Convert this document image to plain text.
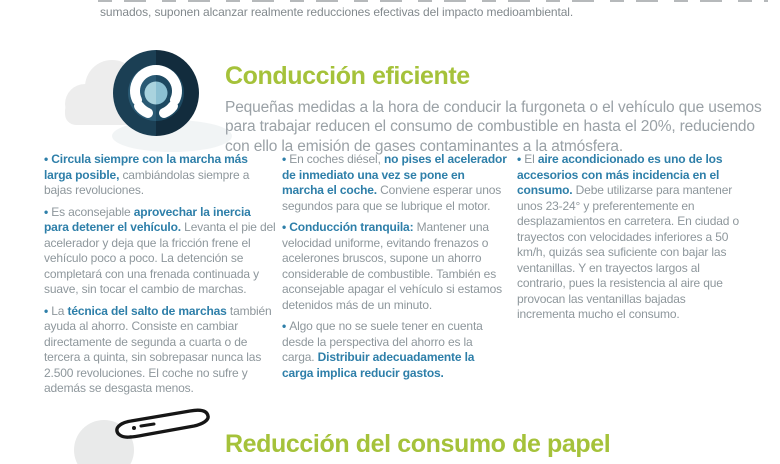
sumados, suponen alcanzar realmente reducciones efectivas del impacto medioambiental.
Conducción eficiente

Pequeñas medidas a la hora de conducir la furgoneta o el vehículo que usemos para trabajar reducen el consumo de combustible en hasta el 20%, reduciendo con ello la emisión de gases contaminantes a la atmósfera.

• Circula siempre con la marcha más larga posible, cambiándolas siempre a bajas revoluciones.

• Es aconsejable aprovechar la inercia para detener el vehículo. Levanta el pie del acelerador y deja que la fricción frene el vehículo poco a poco. La detención se completará con una frenada continuada y suave, sin tocar el cambio de marchas.

• La técnica del salto de marchas también ayuda al ahorro. Consiste en cambiar directamente de segunda a cuarta o de tercera a quinta, sin sobrepasar nunca las 2.500 revoluciones. El coche no sufre y además se desgasta menos.

• En coches diésel, no pises el acelerador de inmediato una vez se pone en marcha el coche. Conviene esperar unos segundos para que se lubrique el motor.

• Conducción tranquila: Mantener una velocidad uniforme, evitando frenazos o acelerones bruscos, supone un ahorro considerable de combustible. También es aconsejable apagar el vehículo si estamos detenidos más de un minuto.

• Algo que no se suele tener en cuenta desde la perspectiva del ahorro es la carga. Distribuir adecuadamente la carga implica reducir gastos.

• El aire acondicionado es uno de los accesorios con más incidencia en el consumo. Debe utilizarse para mantener unos 23-24° y preferentemente en desplazamientos en carretera. En ciudad o trayectos con velocidades inferiores a 50 km/h, quizás sea suficiente con bajar las ventanillas. Y en trayectos largos al contrario, pues la resistencia al aire que provocan las ventanillas bajadas incrementa mucho el consumo.

Reducción del consumo de papel
